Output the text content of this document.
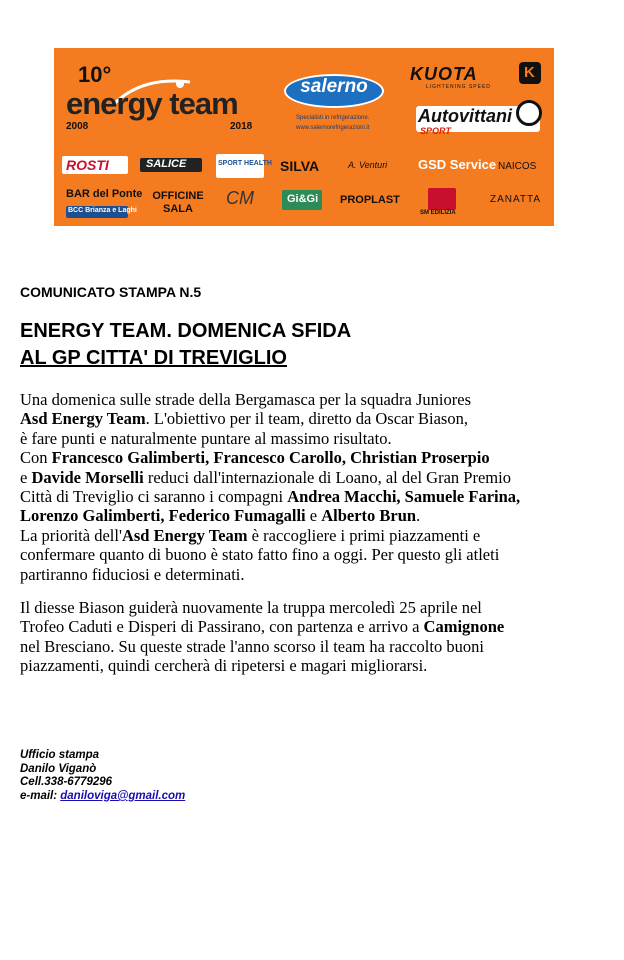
10°
energy team
2008	2018
salerno
Specialisti in refrigerazione.
www.salernorefrigerazioni.it
KUOTA	K
LIGHTENING SPEED
Autovittani
SPORT
ROSTI	SALICE	SPORT HEALTH SILVA	A. Venturi GSD Service NAICOS
BAR del Ponte
BCC Brianza e Laghi
OFFICINE SALA
CM	Gi&Gi PROPLAST
SM EDILIZIA
ZANATTA
COMUNICATO STAMPA N.5
ENERGY TEAM. DOMENICA SFIDA
AL GP CITTA' DI TREVIGLIO
Una domenica sulle strade della Bergamasca per la squadra Juniores
Asd Energy Team. L'obiettivo per il team, diretto da Oscar Biason,
è fare punti e naturalmente puntare al massimo risultato.
Con Francesco Galimberti, Francesco Carollo, Christian Proserpio
e Davide Morselli reduci dall'internazionale di Loano, al del Gran Premio
Città di Treviglio ci saranno i compagni Andrea Macchi, Samuele Farina,
Lorenzo Galimberti, Federico Fumagalli e Alberto Brun.
La priorità dell'Asd Energy Team è raccogliere i primi piazzamenti e
confermare quanto di buono è stato fatto fino a oggi. Per questo gli atleti
partiranno fiduciosi e determinati.
Il diesse Biason guiderà nuovamente la truppa mercoledì 25 aprile nel
Trofeo Caduti e Disperi di Passirano, con partenza e arrivo a Camignone
nel Bresciano. Su queste strade l'anno scorso il team ha raccolto buoni
piazzamenti, quindi cercherà di ripetersi e magari migliorarsi.
Ufficio stampa
Danilo Viganò
Cell.338-6779296
e-mail: daniloviga@gmail.com
